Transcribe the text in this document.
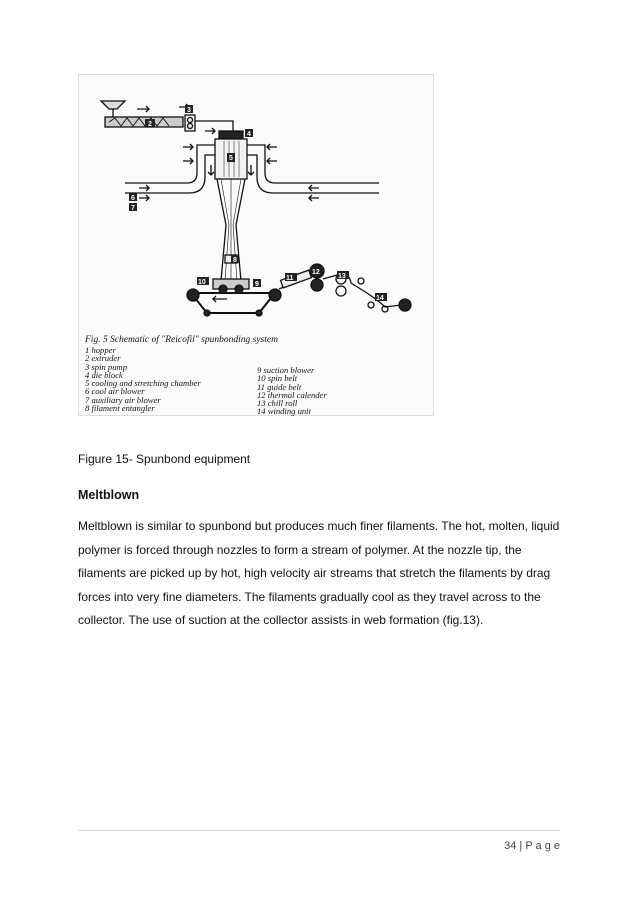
2
3
4
5
6
7
8
9
10
11
12
13
14
Fig. 5 Schematic of "Reicofil" spunbonding system
1 hopper
2 extruder
3 spin pump
4 die block
5 cooling and stretching chamber
6 cool air blower
7 auxiliary air blower
8 filament entangler
9 suction blower
10 spin belt
11 guide belt
12 thermal calender
13 chill roll
14 winding unit
Figure 15- Spunbond equipment
Meltblown
Meltblown is similar to spunbond but produces much finer filaments. The hot, molten, liquid
polymer is forced through nozzles to form a stream of polymer. At the nozzle tip, the
filaments are picked up by hot, high velocity air streams that stretch the filaments by drag
forces into very fine diameters. The filaments gradually cool as they travel across to the
collector. The use of suction at the collector assists in web formation (fig.13).
34 | P a g e
